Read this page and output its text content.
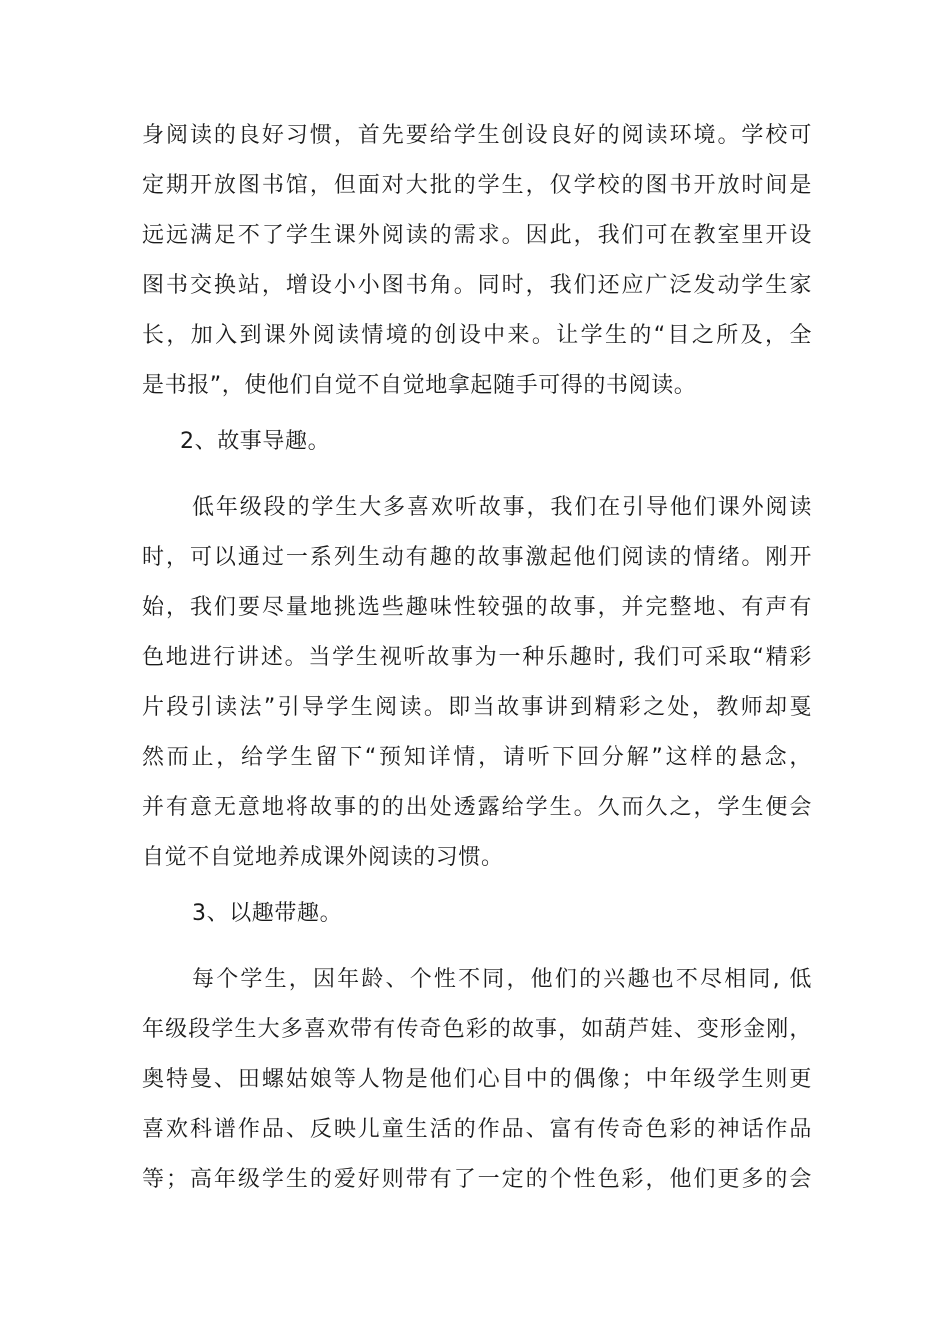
身阅读的良好习惯，首先要给学生创设良好的阅读环境。学校可
定期开放图书馆，但面对大批的学生，仅学校的图书开放时间是
远远满足不了学生课外阅读的需求。因此，我们可在教室里开设
图书交换站，增设小小图书角。同时，我们还应广泛发动学生家
长，加入到课外阅读情境的创设中来。让学生的“目之所及，全
是书报”，使他们自觉不自觉地拿起随手可得的书阅读。
2、故事导趣。
低年级段的学生大多喜欢听故事，我们在引导他们课外阅读
时，可以通过一系列生动有趣的故事激起他们阅读的情绪。刚开
始，我们要尽量地挑选些趣味性较强的故事，并完整地、有声有
色地进行讲述。当学生视听故事为一种乐趣时, 我们可采取“精彩
片段引读法”引导学生阅读。即当故事讲到精彩之处，教师却戛
然而止，给学生留下“预知详情，请听下回分解”这样的悬念，
并有意无意地将故事的的出处透露给学生。久而久之，学生便会
自觉不自觉地养成课外阅读的习惯。
3、以趣带趣。
每个学生，因年龄、个性不同，他们的兴趣也不尽相同, 低
年级段学生大多喜欢带有传奇色彩的故事，如葫芦娃、变形金刚，
奥特曼、田螺姑娘等人物是他们心目中的偶像；中年级学生则更
喜欢科谱作品、反映儿童生活的作品、富有传奇色彩的神话作品
等；高年级学生的爱好则带有了一定的个性色彩，他们更多的会
